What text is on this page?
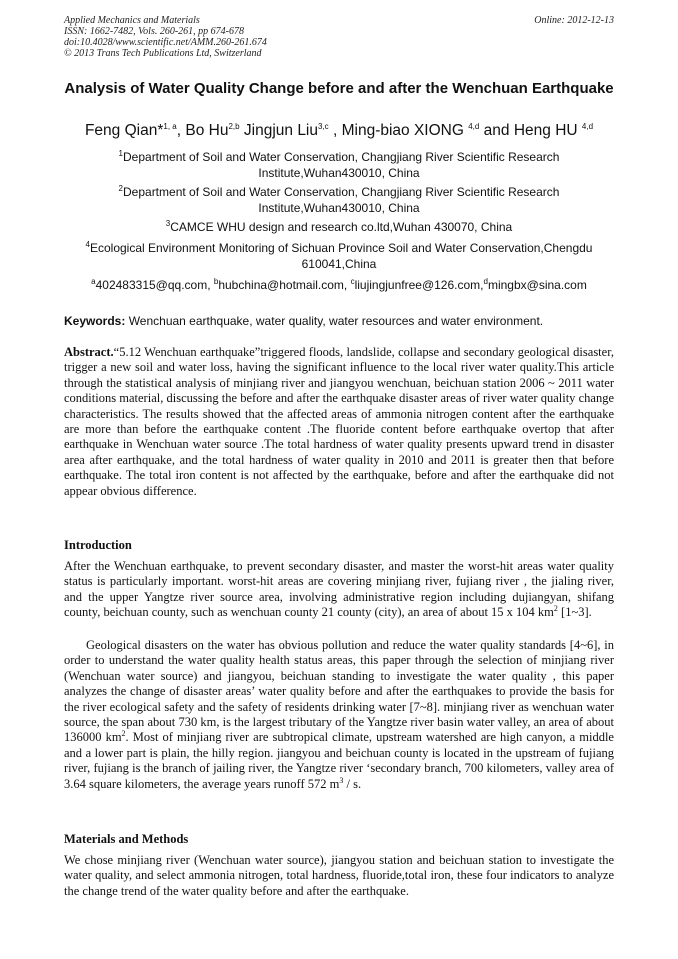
Applied Mechanics and Materials
ISSN: 1662-7482, Vols. 260-261, pp 674-678
doi:10.4028/www.scientific.net/AMM.260-261.674
© 2013 Trans Tech Publications Ltd, Switzerland
Online: 2012-12-13
Analysis of Water Quality Change before and after the Wenchuan Earthquake
Feng Qian*$^{1, a}$, Bo Hu$^{2,b}$ Jingjun Liu$^{3,c}$ , Ming-biao XIONG $^{4,d}$ and Heng HU $^{4,d}$
$^1$Department of Soil and Water Conservation, Changjiang River Scientific Research Institute,Wuhan430010, China
$^2$Department of Soil and Water Conservation, Changjiang River Scientific Research Institute,Wuhan430010, China
$^3$CAMCE WHU design and research co.ltd,Wuhan 430070, China
$^4$Ecological Environment Monitoring of Sichuan Province Soil and Water Conservation,Chengdu 610041,China
$^a$402483315@qq.com, $^b$hubchina@hotmail.com, $^c$liujingjunfree@126.com,$^d$mingbx@sina.com
Keywords: Wenchuan earthquake, water quality, water resources and water environment.
Abstract.“5.12 Wenchuan earthquake”triggered floods, landslide, collapse and secondary geological disaster, trigger a new soil and water loss, having the significant influence to the local river water quality.This article through the statistical analysis of minjiang river and jiangyou wenchuan, beichuan station 2006 ~ 2011 water conditions material, discussing the before and after the earthquake disaster areas of river water quality change characteristics. The results showed that the affected areas of ammonia nitrogen content after the earthquake are more than before the earthquake content .The fluoride content before earthquake overtop that after earthquake in Wenchuan water source .The total hardness of water quality presents upward trend in disaster area after earthquake, and the total hardness of water quality in 2010 and 2011 is greater then that before earthquake. The total iron content is not affected by the earthquake, before and after the earthquake did not appear obvious difference.
Introduction
After the Wenchuan earthquake, to prevent secondary disaster, and master the worst-hit areas water quality status is particularly important. worst-hit areas are covering minjiang river, fujiang river , the jialing river, and the upper Yangtze river source area, involving administrative region including dujiangyan, shifang county, beichuan county, such as wenchuan county 21 county (city), an area of about 15 x 104 $km^2$ [1~3].
Geological disasters on the water has obvious pollution and reduce the water quality standards [4~6], in order to understand the water quality health status areas, this paper through the selection of minjiang river (Wenchuan water source) and jiangyou, beichuan standing to investigate the water quality , this paper analyzes the change of disaster areas’ water quality before and after the earthquakes to provide the basis for the river ecological safety and the safety of residents drinking water [7~8]. minjiang river as wenchuan water source, the span about 730 km, is the largest tributary of the Yangtze river basin water valley, an area of about 136000 $km^2$. Most of minjiang river are subtropical climate, upstream watershed are high canyon, a middle and a lower part is plain, the hilly region. jiangyou and beichuan county is located in the upstream of fujiang river, fujiang is the branch of jailing river, the Yangtze river ‘secondary branch, 700 kilometers, valley area of 3.64 square kilometers, the average years runoff 572 $m^3$ / s.
Materials and Methods
We chose minjiang river (Wenchuan water source), jiangyou station and beichuan station to investigate the water quality, and select ammonia nitrogen, total hardness, fluoride,total iron, these four indicators to analyze the change trend of the water quality before and after the earthquake.
